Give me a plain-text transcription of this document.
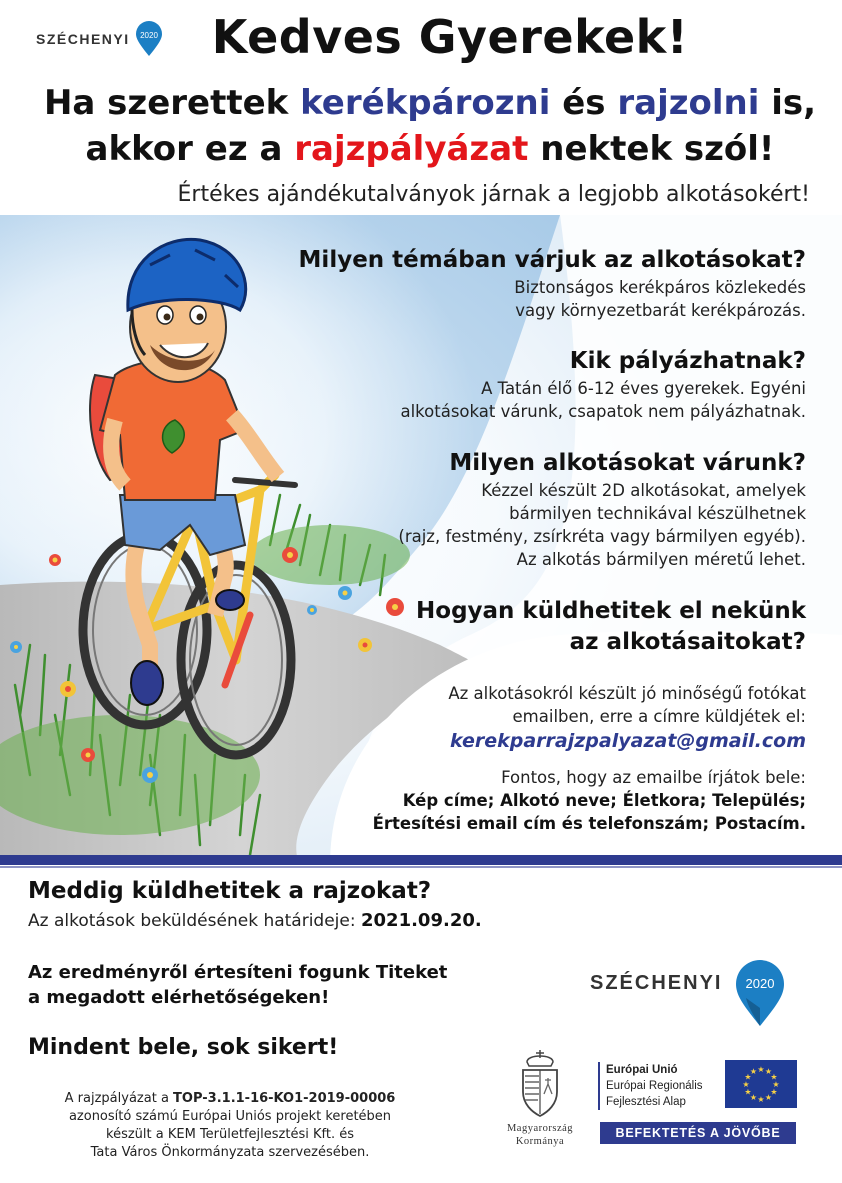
SZÉCHENYI 2020	Kedves Gyerekek!
Ha szerettek kerékpározni és rajzolni is,
akkor ez a rajzpályázat nektek szól!
Értékes ajándékutalványok járnak a legjobb alkotásokért!
Milyen témában várjuk az alkotásokat?
Biztonságos kerékpáros közlekedés
vagy környezetbarát kerékpározás.
Kik pályázhatnak?
A Tatán élő 6-12 éves gyerekek. Egyéni
alkotásokat várunk, csapatok nem pályázhatnak.
Milyen alkotásokat várunk?
Kézzel készült 2D alkotásokat, amelyek
bármilyen technikával készülhetnek
(rajz, festmény, zsírkréta vagy bármilyen egyéb).
Az alkotás bármilyen méretű lehet.
Hogyan küldhetitek el nekünk
az alkotásaitokat?
Az alkotásokról készült jó minőségű fotókat
emailben, erre a címre küldjétek el:
kerekparrajzpalyazat@gmail.com
Fontos, hogy az emailbe írjátok bele:
Kép címe; Alkotó neve; Életkora; Település;
Értesítési email cím és telefonszám; Postacím.
Meddig küldhetitek a rajzokat?
Az alkotások beküldésének határideje: 2021.09.20.
Az eredményről értesíteni fogunk Titeket
a megadott elérhetőségeken!
Mindent bele, sok sikert!
A rajzpályázat a TOP-3.1.1-16-KO1-2019-00006
azonosító számú Európai Uniós projekt keretében
készült a KEM Területfejlesztési Kft. és
Tata Város Önkormányzata szervezésében.
SZÉCHENYI 2020
Magyarország
Kormánya
Európai Unió
Európai Regionális
Fejlesztési Alap
★ ★
★
★
★
★
★
★
★
★
★
★
BEFEKTETÉS A JÖVŐBE
